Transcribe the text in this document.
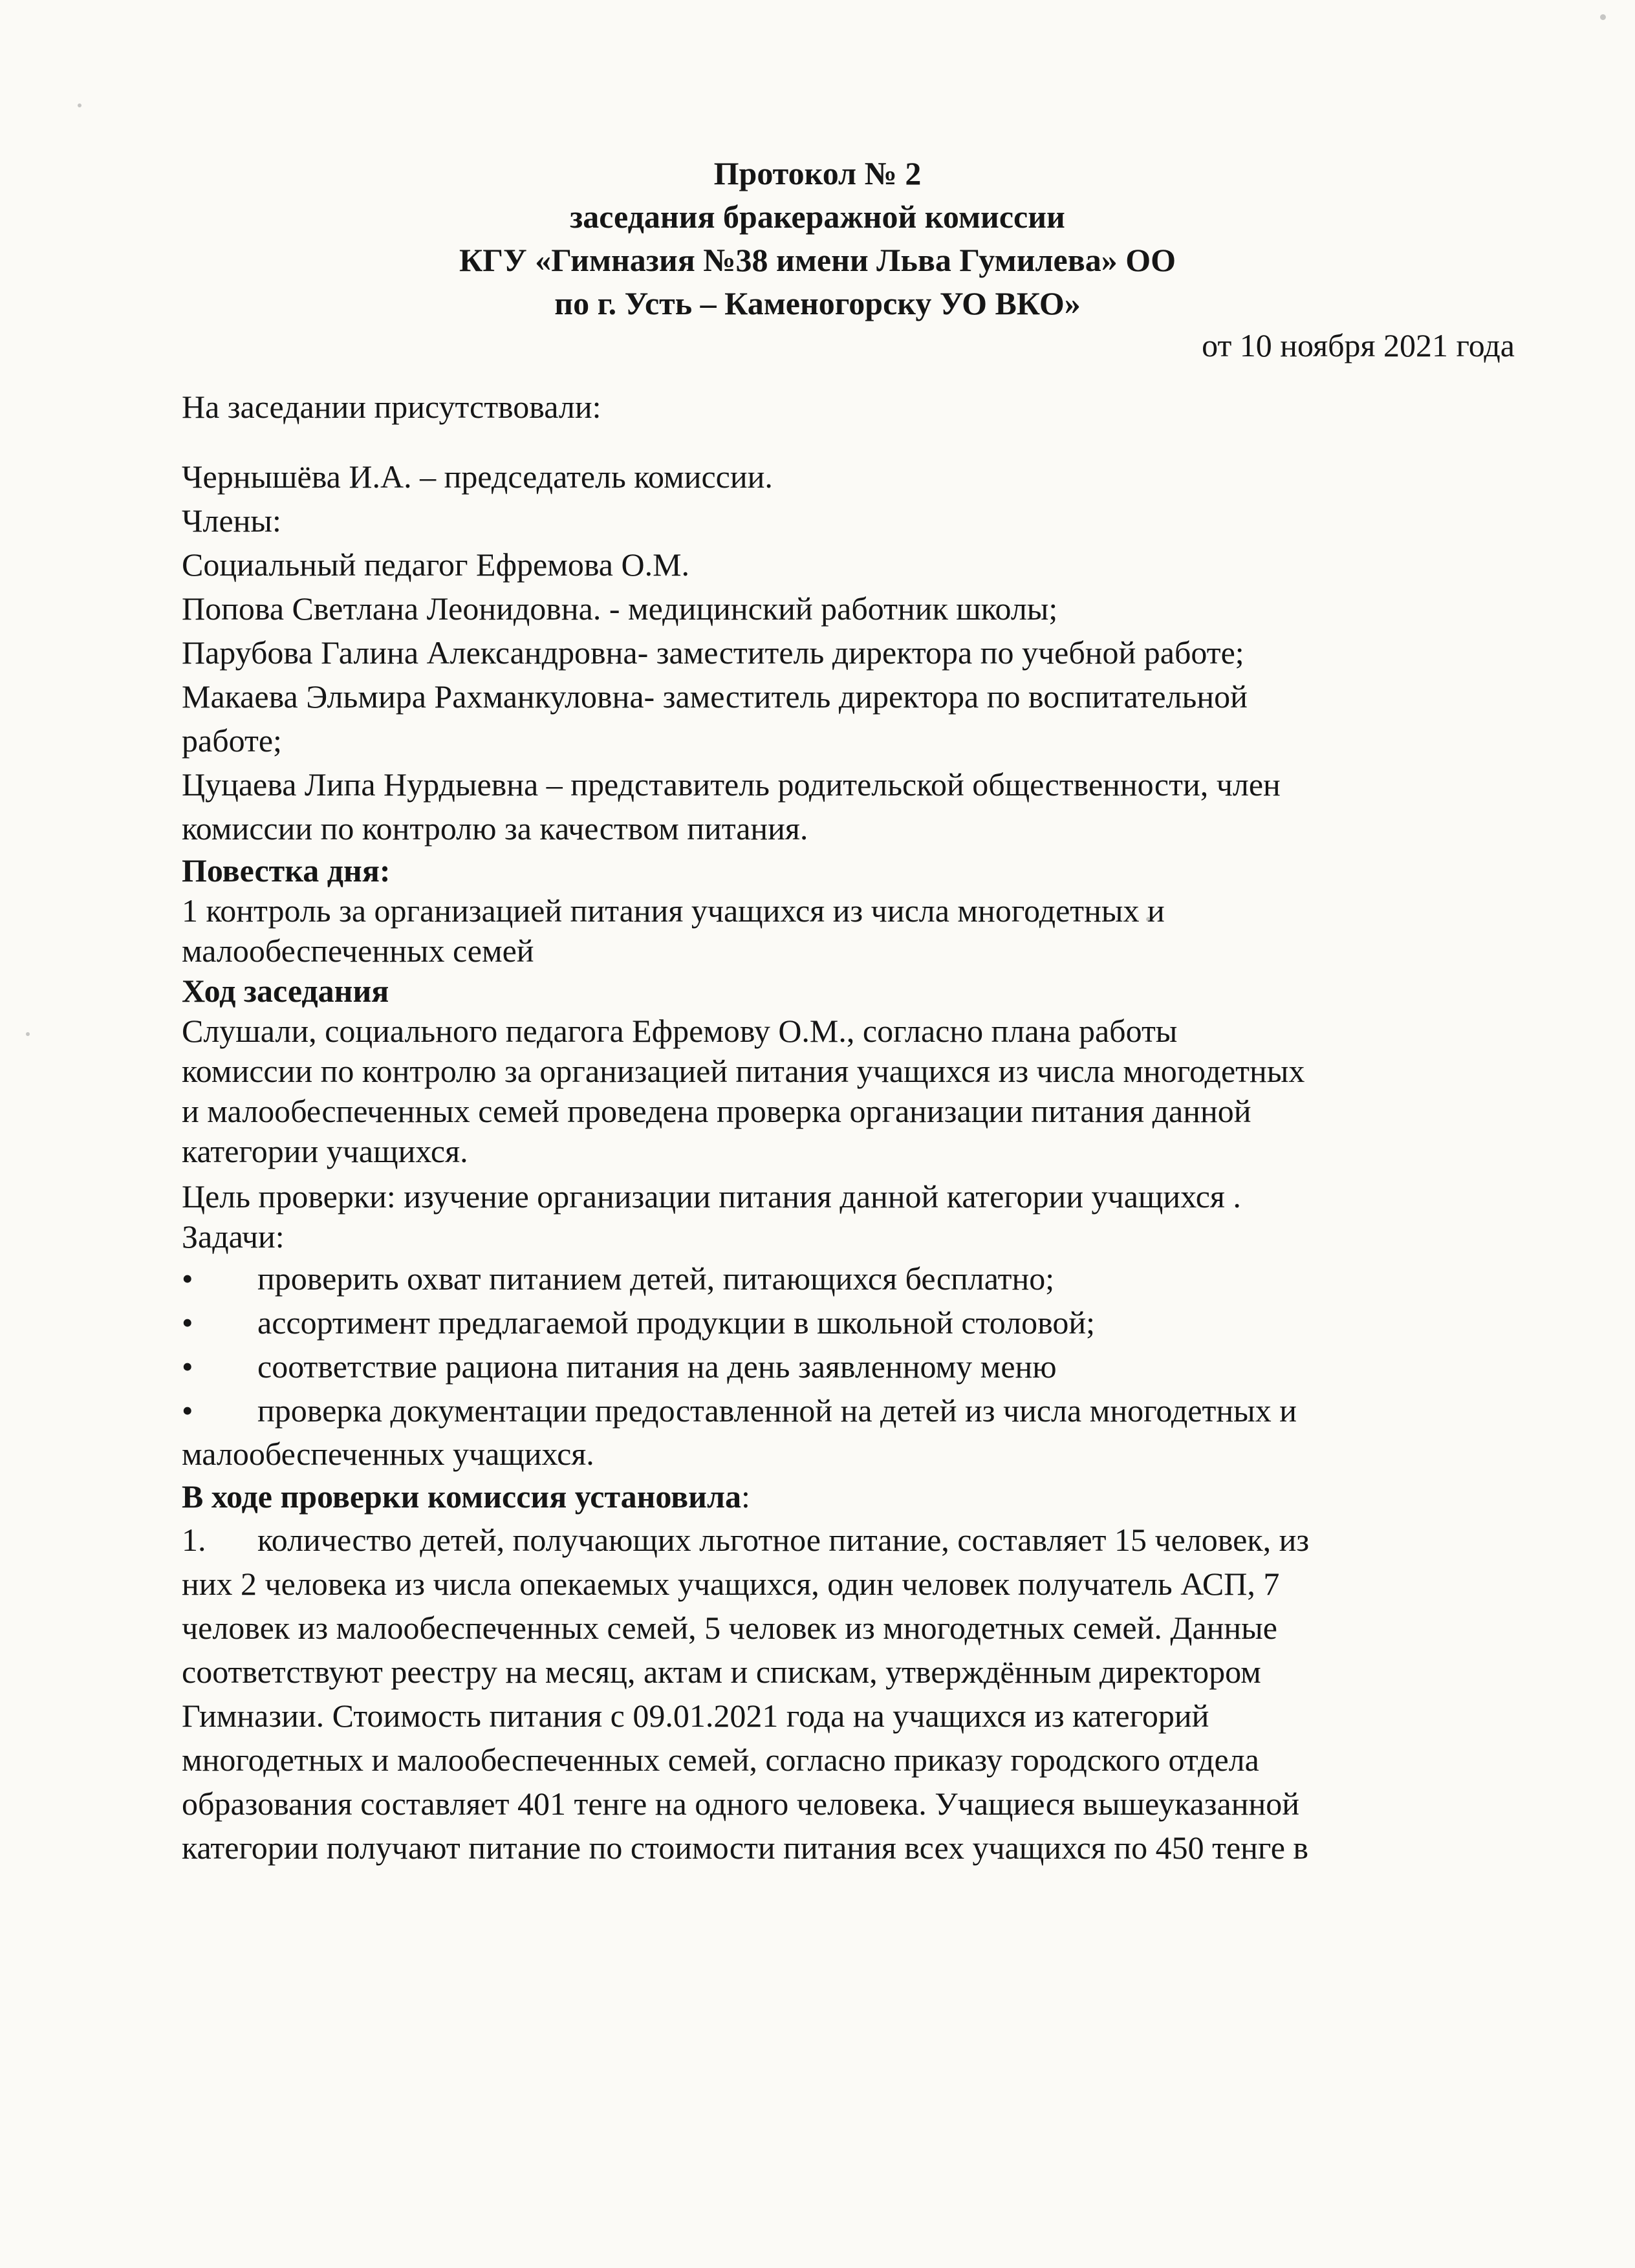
Протокол № 2
заседания бракеражной комиссии
КГУ «Гимназия №38 имени Льва Гумилева» ОО
по г. Усть – Каменогорску УО ВКО»
от 10 ноября 2021 года
На заседании присутствовали:
Чернышёва И.А. – председатель комиссии.
Члены:
Социальный педагог Ефремова О.М.
Попова Светлана Леонидовна. - медицинский работник школы;
Парубова Галина Александровна- заместитель директора по учебной работе;
Макаева Эльмира Рахманкуловна- заместитель директора по воспитательной
работе;
Цуцаева Липа Нурдыевна – представитель родительской общественности, член
комиссии по контролю за качеством питания.
Повестка дня:
1 контроль за организацией питания учащихся из числа многодетных и
малообеспеченных семей
Ход заседания
Слушали, социального педагога Ефремову О.М., согласно плана работы
комиссии по контролю за организацией питания учащихся из числа многодетных
и малообеспеченных семей проведена проверка организации питания данной
категории учащихся.
Цель проверки: изучение организации питания данной категории учащихся .
Задачи:
• проверить охват питанием детей, питающихся бесплатно;
• ассортимент предлагаемой продукции в школьной столовой;
• соответствие рациона питания на день заявленному меню
• проверка документации предоставленной на детей из числа многодетных и
малообеспеченных учащихся.
В ходе проверки комиссия установила:
1. количество детей, получающих льготное питание, составляет 15 человек, из
них 2 человека из числа опекаемых учащихся, один человек получатель АСП, 7
человек из малообеспеченных семей, 5 человек из многодетных семей. Данные
соответствуют реестру на месяц, актам и спискам, утверждённым директором
Гимназии. Стоимость питания с 09.01.2021 года на учащихся из категорий
многодетных и малообеспеченных семей, согласно приказу городского отдела
образования составляет 401 тенге на одного человека. Учащиеся вышеуказанной
категории получают питание по стоимости питания всех учащихся по 450 тенге в
